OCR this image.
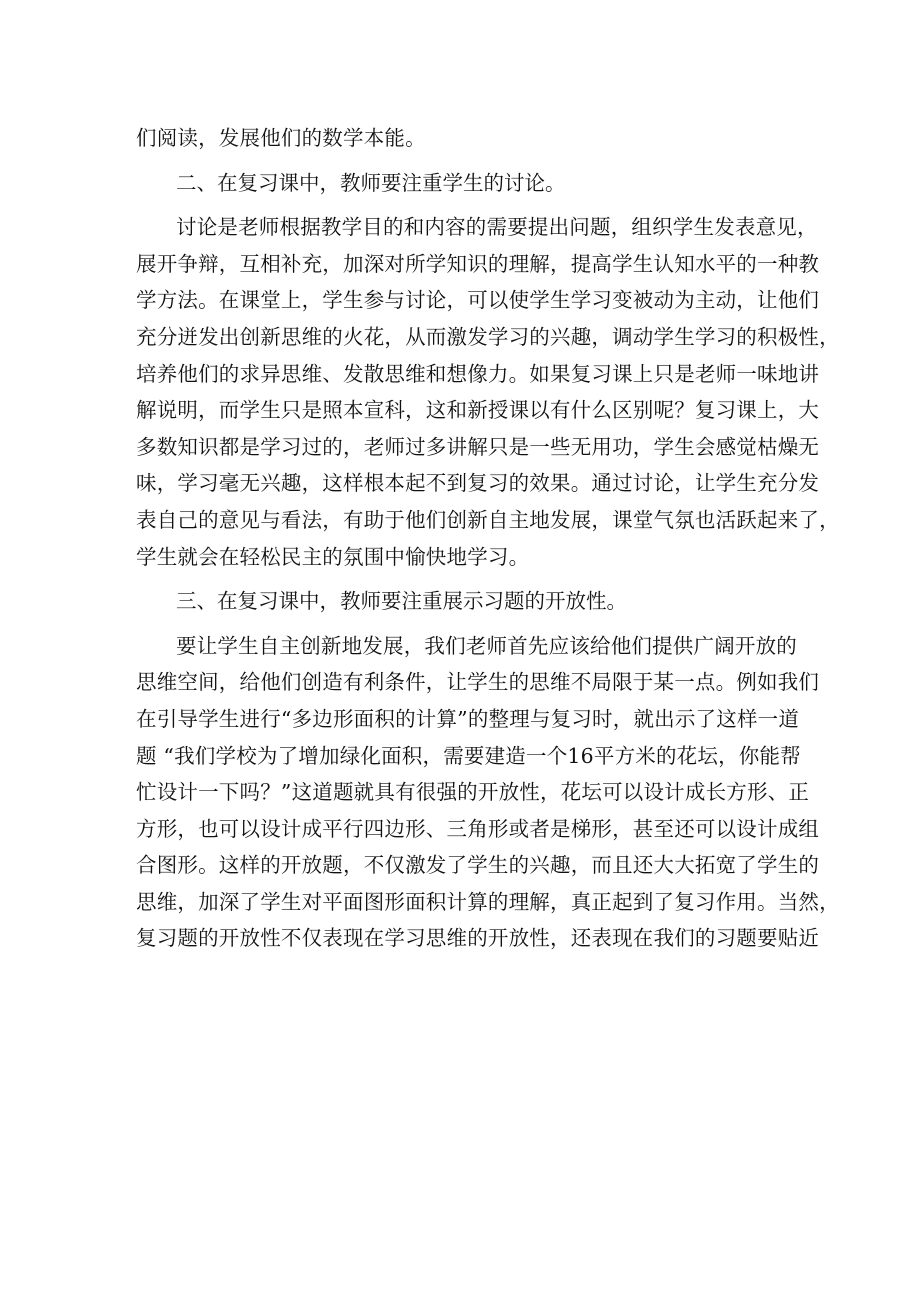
们阅读，发展他们的数学本能。
二、在复习课中，教师要注重学生的讨论。
讨论是老师根据教学目的和内容的需要提出问题，组织学生发表意见，
展开争辩，互相补充，加深对所学知识的理解，提高学生认知水平的一种教
学方法。在课堂上，学生参与讨论，可以使学生学习变被动为主动，让他们
充分迸发出创新思维的火花，从而激发学习的兴趣，调动学生学习的积极性，
培养他们的求异思维、发散思维和想像力。如果复习课上只是老师一味地讲
解说明，而学生只是照本宣科，这和新授课以有什么区别呢？复习课上，大
多数知识都是学习过的，老师过多讲解只是一些无用功，学生会感觉枯燥无
味，学习毫无兴趣，这样根本起不到复习的效果。通过讨论，让学生充分发
表自己的意见与看法，有助于他们创新自主地发展，课堂气氛也活跃起来了，
学生就会在轻松民主的氛围中愉快地学习。
三、在复习课中，教师要注重展示习题的开放性。
要让学生自主创新地发展，我们老师首先应该给他们提供广阔开放的
思维空间，给他们创造有利条件，让学生的思维不局限于某一点。例如我们
在引导学生进行“多边形面积的计算”的整理与复习时，就出示了这样一道
题 “我们学校为了增加绿化面积，需要建造一个16平方米的花坛，你能帮
忙设计一下吗？”这道题就具有很强的开放性，花坛可以设计成长方形、正
方形，也可以设计成平行四边形、三角形或者是梯形，甚至还可以设计成组
合图形。这样的开放题，不仅激发了学生的兴趣，而且还大大拓宽了学生的
思维，加深了学生对平面图形面积计算的理解，真正起到了复习作用。当然，
复习题的开放性不仅表现在学习思维的开放性，还表现在我们的习题要贴近
